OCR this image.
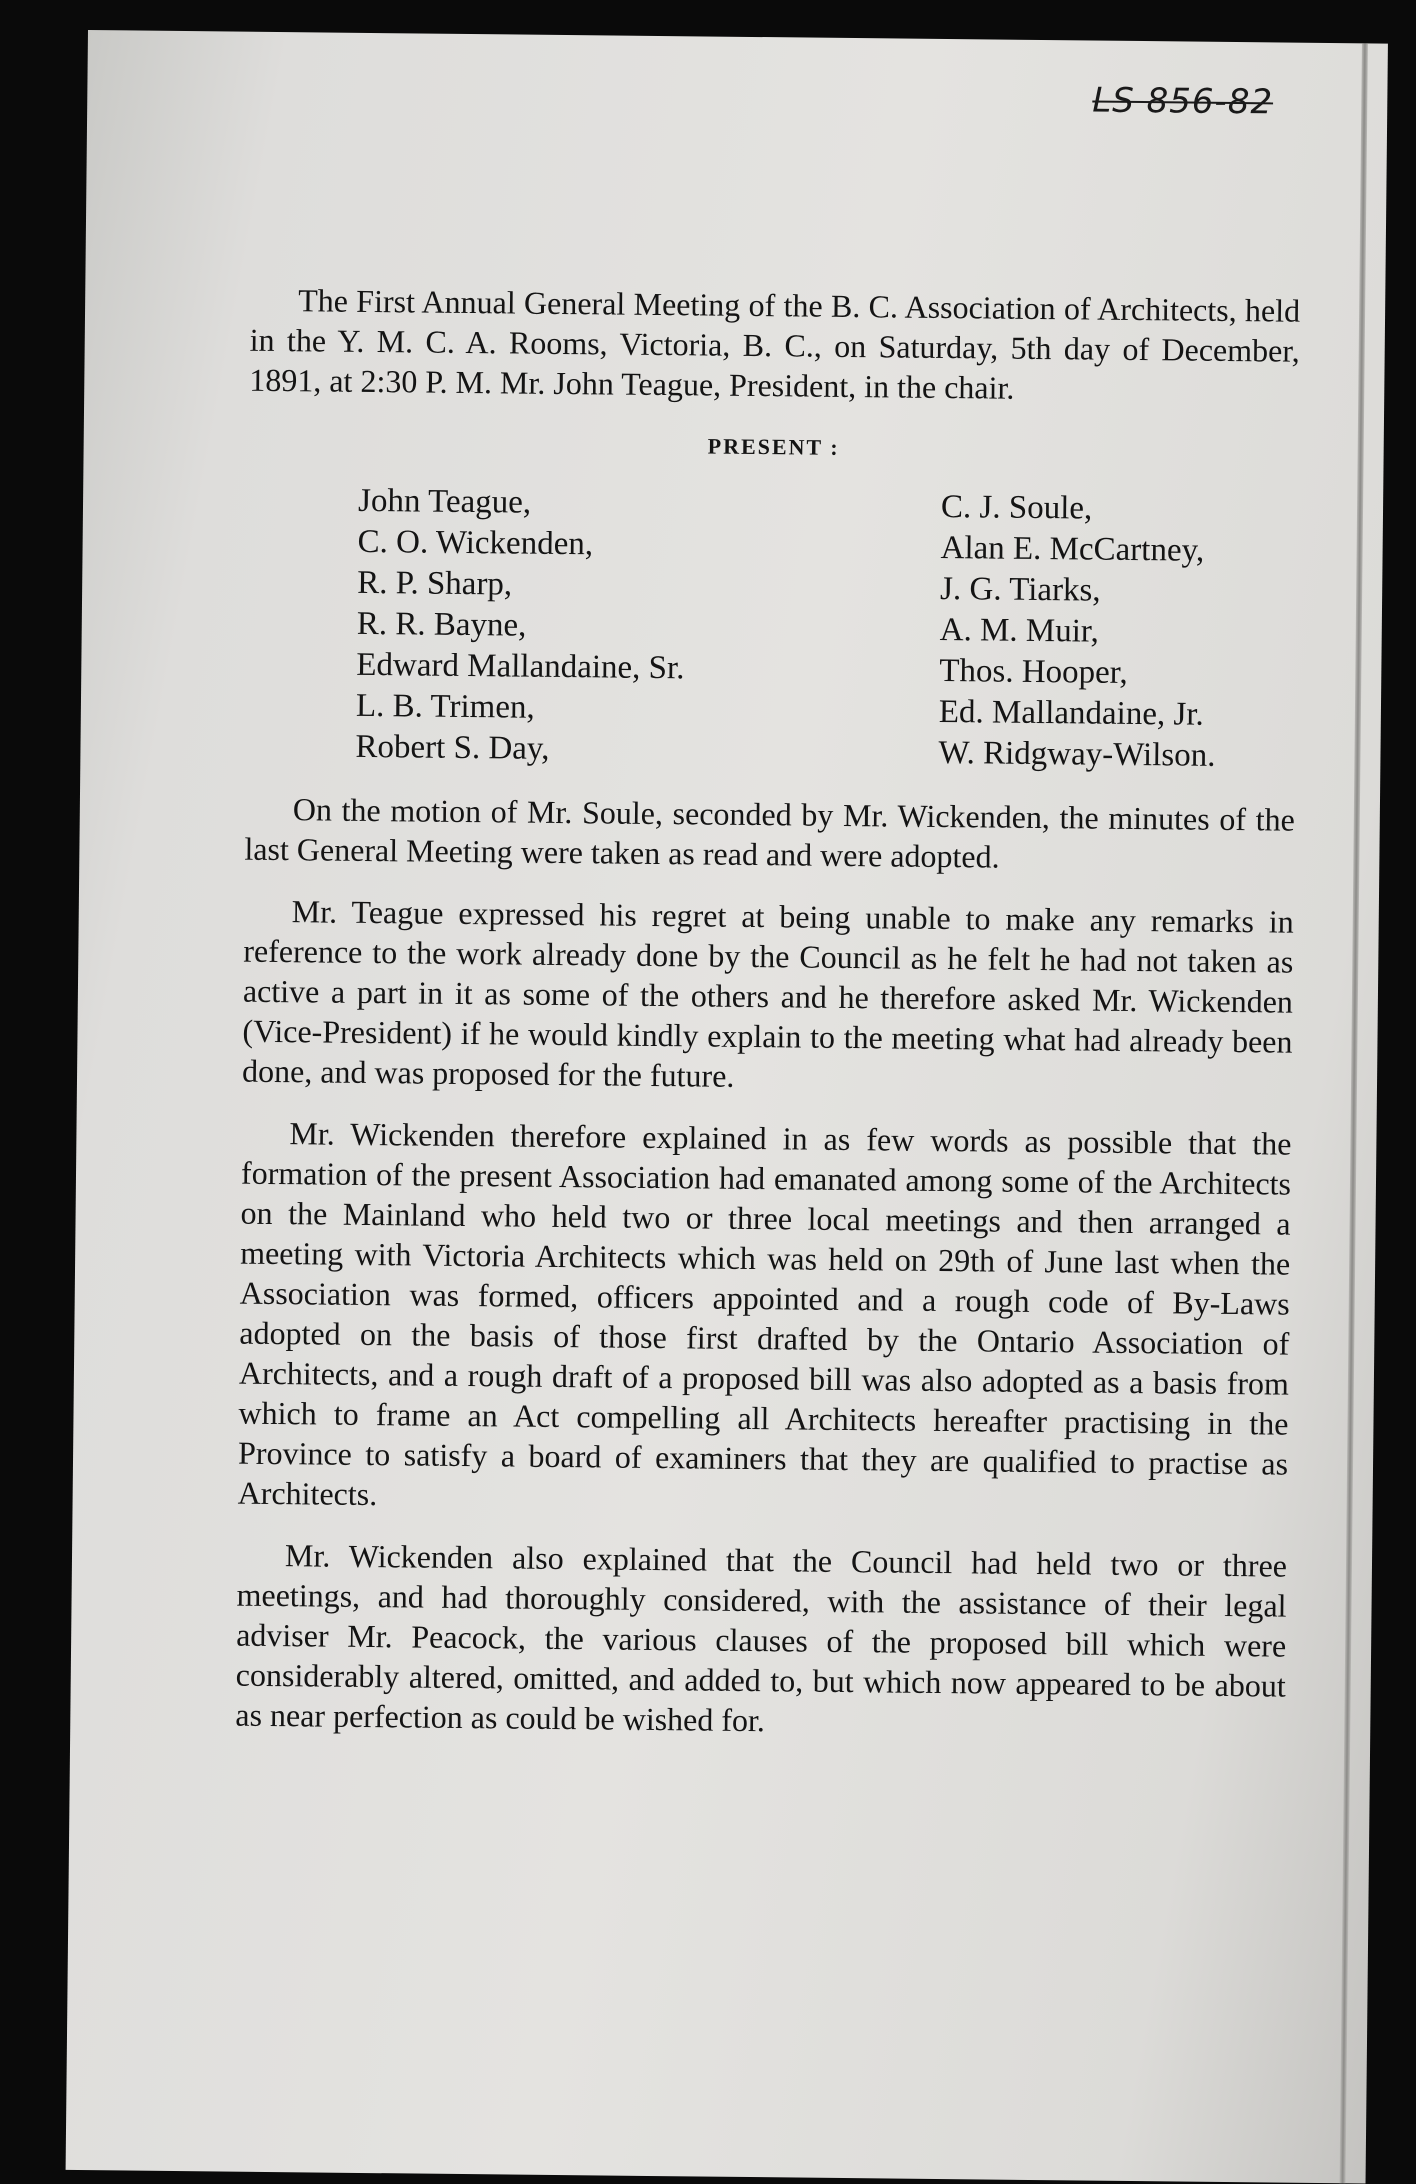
LS 856-82

The First Annual General Meeting of the B. C. Association of Architects, held in the Y. M. C. A. Rooms, Victoria, B. C., on Saturday, 5th day of December, 1891, at 2:30 P. M. Mr. John Teague, President, in the chair.

PRESENT :
John Teague,
C. O. Wickenden,
R. P. Sharp,
R. R. Bayne,
Edward Mallandaine, Sr.
L. B. Trimen,
Robert S. Day,
C. J. Soule,
Alan E. McCartney,
J. G. Tiarks,
A. M. Muir,
Thos. Hooper,
Ed. Mallandaine, Jr.
W. Ridgway-Wilson.

On the motion of Mr. Soule, seconded by Mr. Wickenden, the minutes of the last General Meeting were taken as read and were adopted.

Mr. Teague expressed his regret at being unable to make any remarks in reference to the work already done by the Council as he felt he had not taken as active a part in it as some of the others and he therefore asked Mr. Wickenden (Vice-President) if he would kindly explain to the meeting what had already been done, and was proposed for the future.

Mr. Wickenden therefore explained in as few words as possible that the formation of the present Association had emanated among some of the Architects on the Mainland who held two or three local meetings and then arranged a meeting with Victoria Architects which was held on 29th of June last when the Association was formed, officers appointed and a rough code of By-Laws adopted on the basis of those first drafted by the Ontario Association of Architects, and a rough draft of a proposed bill was also adopted as a basis from which to frame an Act compelling all Architects hereafter practising in the Province to satisfy a board of examiners that they are qualified to practise as Architects.

Mr. Wickenden also explained that the Council had held two or three meetings, and had thoroughly considered, with the assistance of their legal adviser Mr. Peacock, the various clauses of the proposed bill which were considerably altered, omitted, and added to, but which now appeared to be about as near perfection as could be wished for.
